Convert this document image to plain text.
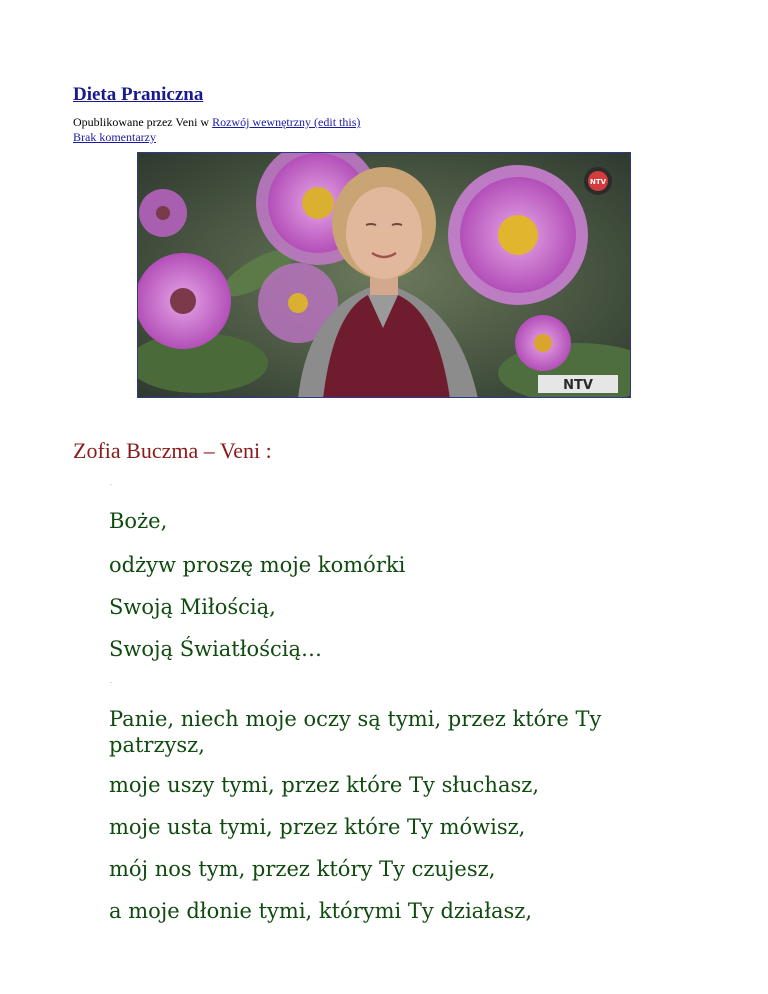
Dieta Praniczna
Opublikowane przez Veni w Rozwój wewnętrzny (edit this)
Brak komentarzy
NTV
NTV
Zofia Buczma – Veni :
.
Boże,
odżyw proszę moje komórki
Swoją Miłością,
Swoją Światłością…
.
Panie, niech moje oczy są tymi, przez które Ty patrzysz,
moje uszy tymi, przez które Ty słuchasz,
moje usta tymi, przez które Ty mówisz,
mój nos tym, przez który Ty czujesz,
a moje dłonie tymi, którymi Ty działasz,
